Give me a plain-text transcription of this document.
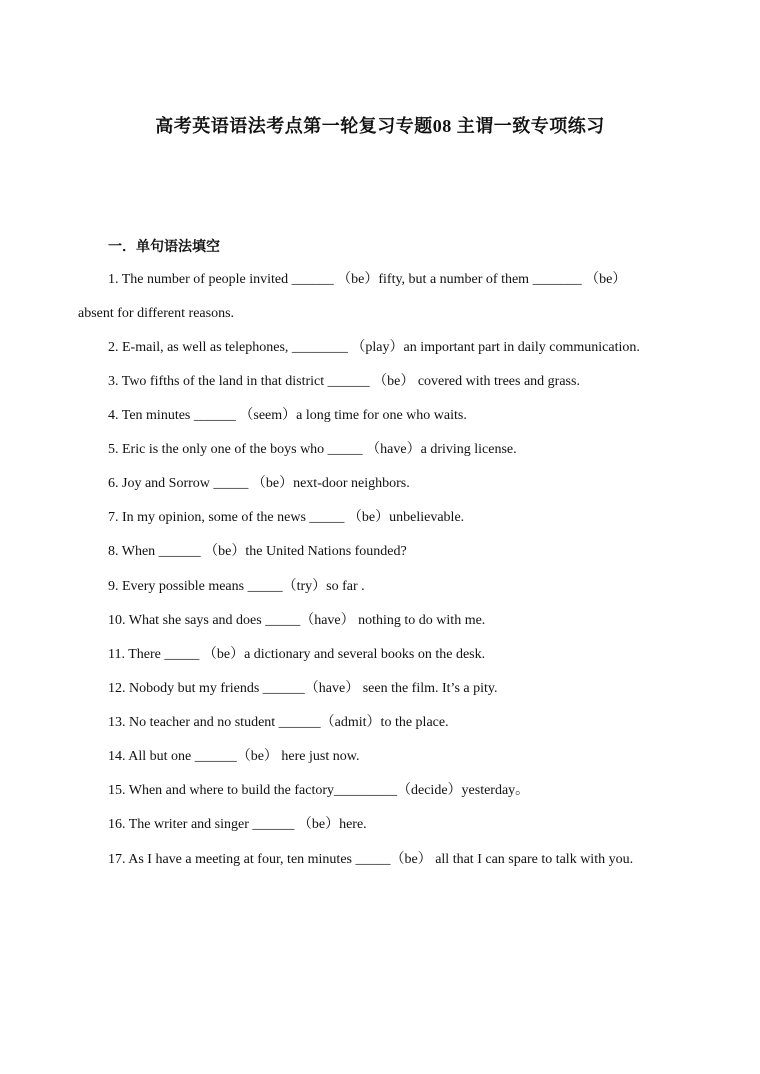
高考英语语法考点第一轮复习专题08 主谓一致专项练习
一．单句语法填空
1. The number of people invited ______ （be）fifty, but a number of them _______ （be）
absent for different reasons.
2. E-mail, as well as telephones, ________ （play）an important part in daily communication.
3. Two fifths of the land in that district ______ （be） covered with trees and grass.
4. Ten minutes ______ （seem）a long time for one who waits.
5. Eric is the only one of the boys who _____ （have）a driving license.
6. Joy and Sorrow _____ （be）next-door neighbors.
7. In my opinion, some of the news _____ （be）unbelievable.
8. When ______ （be）the United Nations founded?
9. Every possible means _____（try）so far .
10. What she says and does _____（have） nothing to do with me.
11. There _____ （be）a dictionary and several books on the desk.
12. Nobody but my friends ______（have） seen the film. It’s a pity.
13. No teacher and no student ______（admit）to the place.
14. All but one ______（be） here just now.
15. When and where to build the factory_________（decide）yesterday。
16. The writer and singer ______ （be）here.
17. As I have a meeting at four, ten minutes _____（be） all that I can spare to talk with you.
